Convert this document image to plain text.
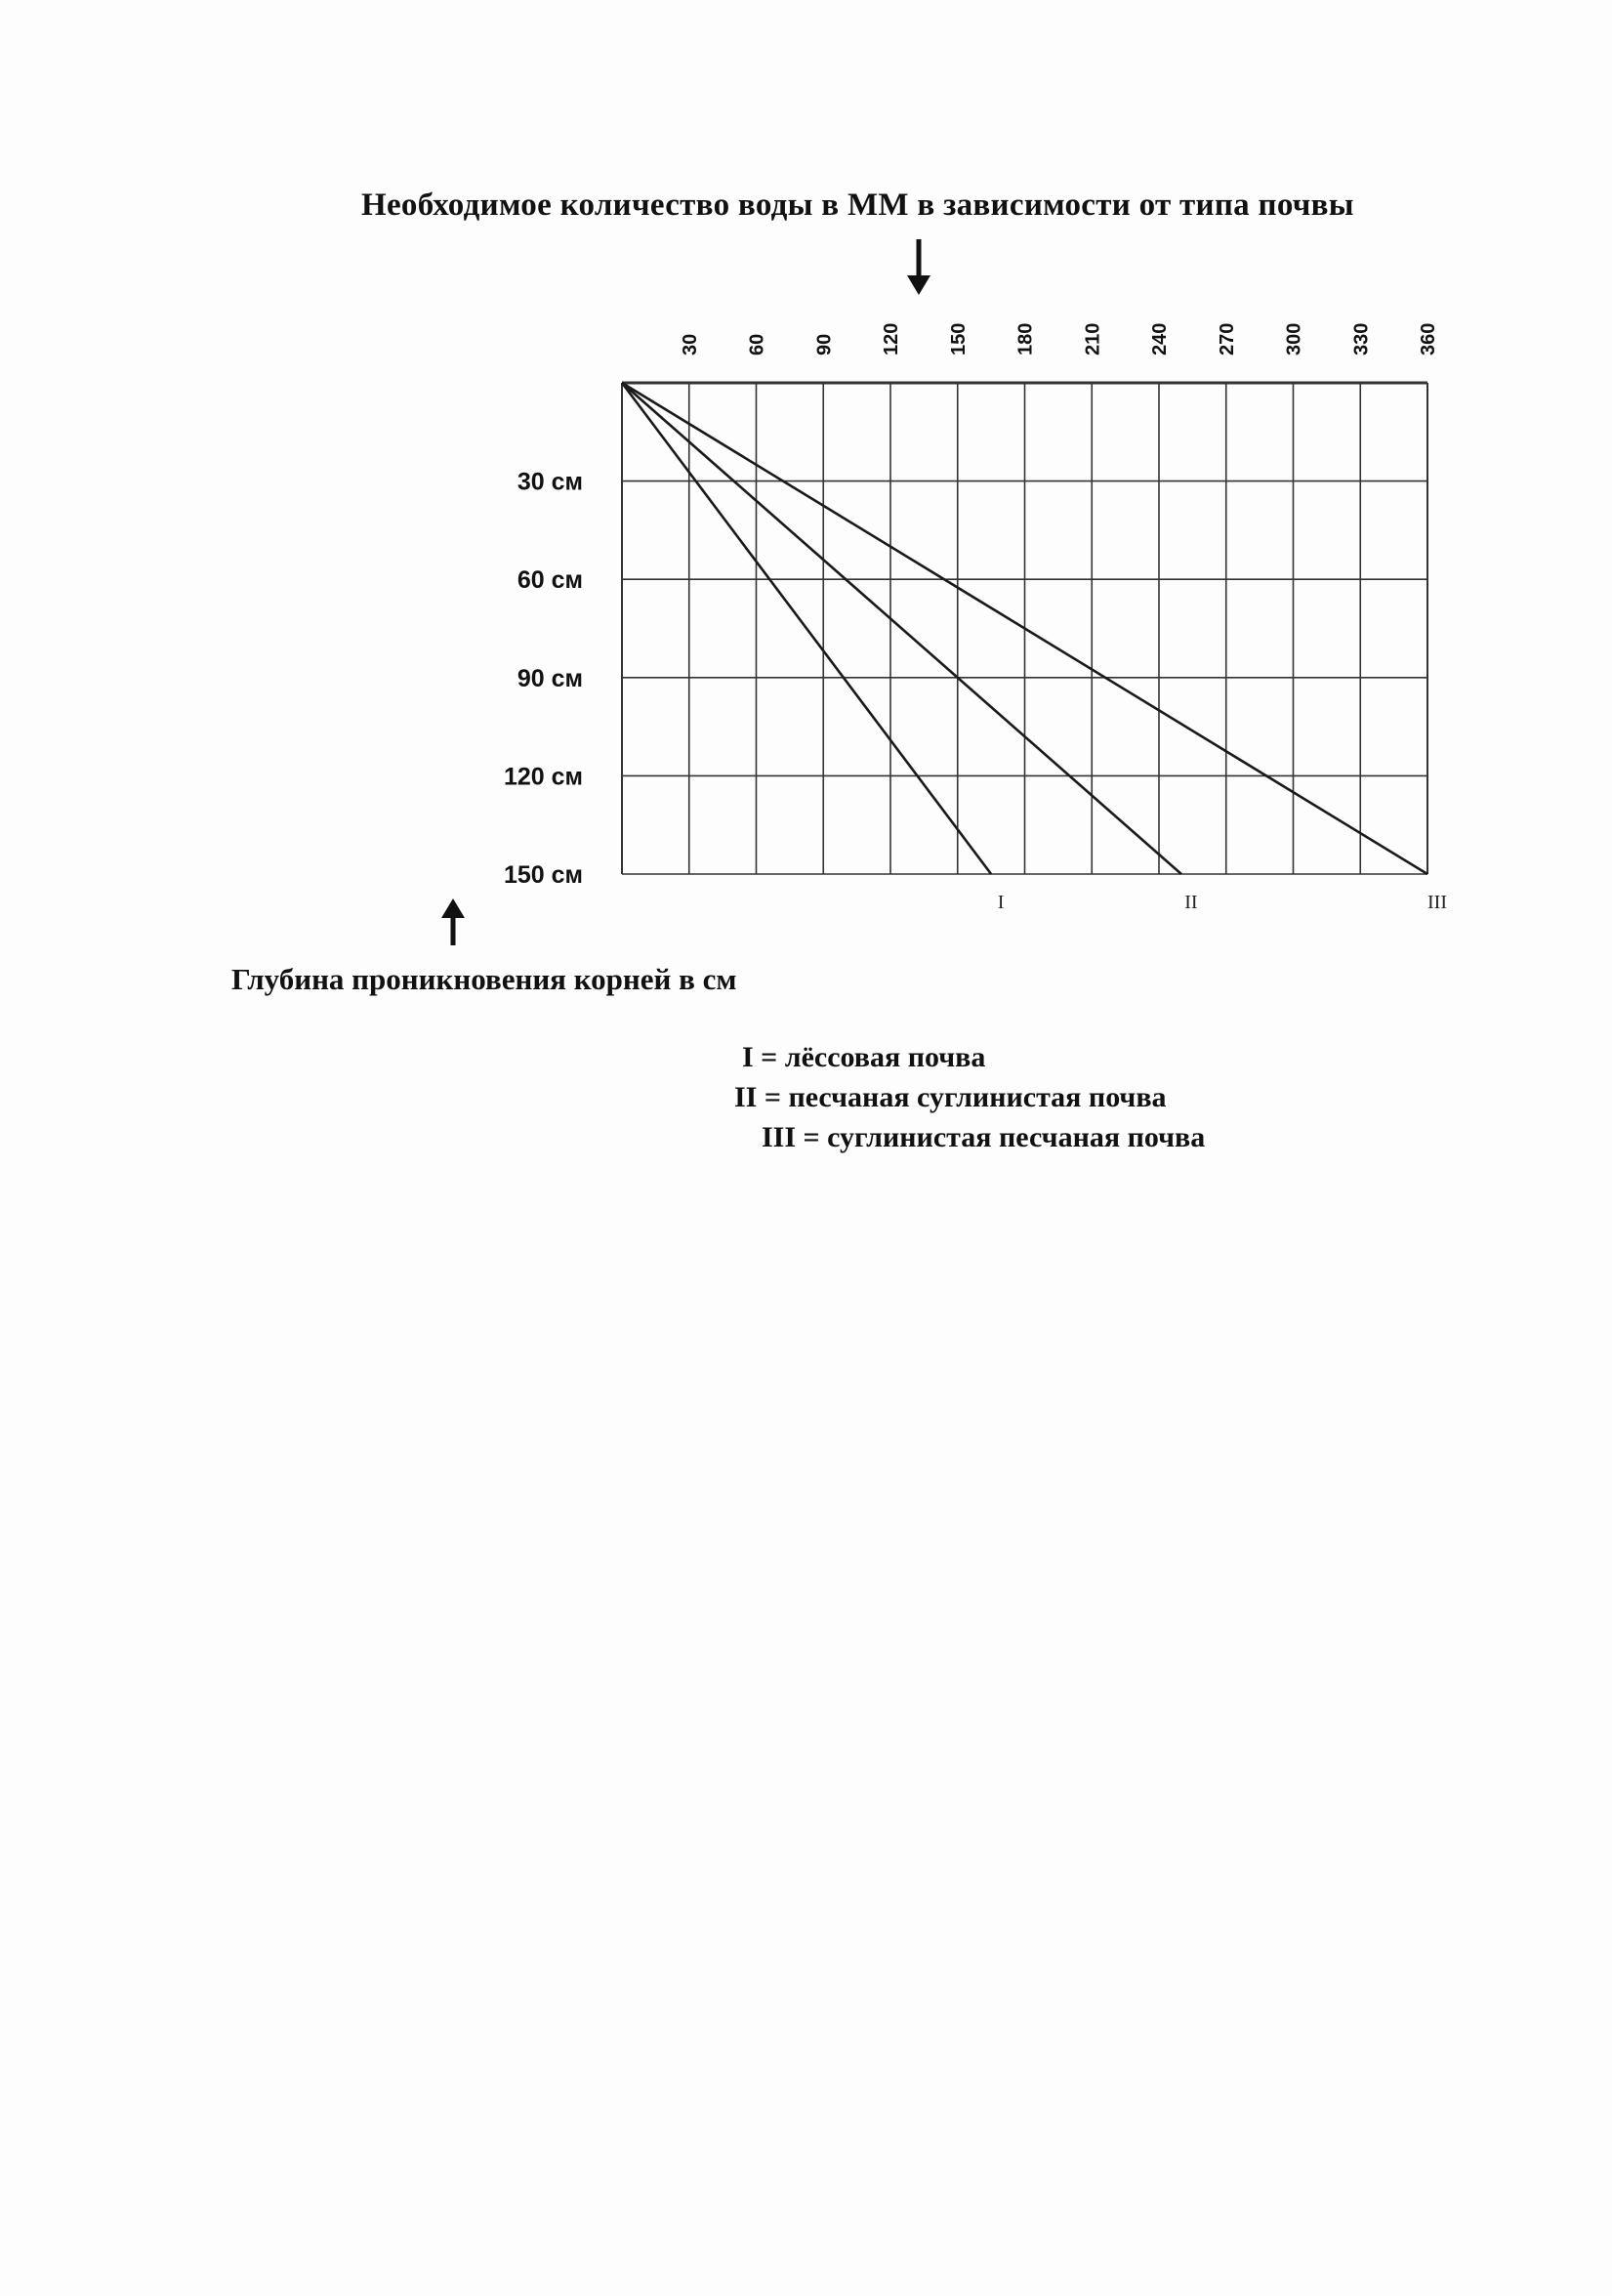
Необходимое количество воды в ММ в зависимости от типа почвы
30 60 90 120 150 180 210 240 270 300 330 360
30 см
60 см
90 см
120 см
150 см
I	II	III
Глубина проникновения корней в см
I = лёссовая почва
II = песчаная суглинистая почва
III = суглинистая песчаная почва
